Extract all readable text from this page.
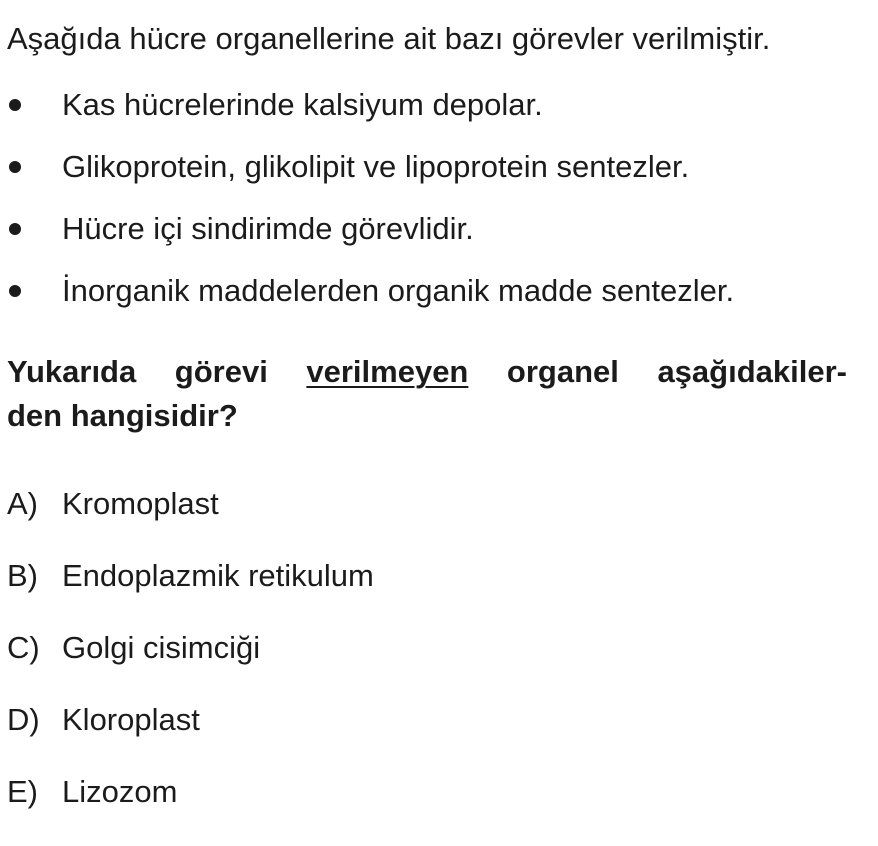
Aşağıda hücre organellerine ait bazı görevler verilmiştir.
Kas hücrelerinde kalsiyum depolar.
Glikoprotein, glikolipit ve lipoprotein sentezler.
Hücre içi sindirimde görevlidir.
İnorganik maddelerden organik madde sentezler.
Yukarıda görevi verilmeyen organel aşağıdakiler-
den hangisidir?
A) Kromoplast
B) Endoplazmik retikulum
C) Golgi cisimciği
D) Kloroplast
E) Lizozom
